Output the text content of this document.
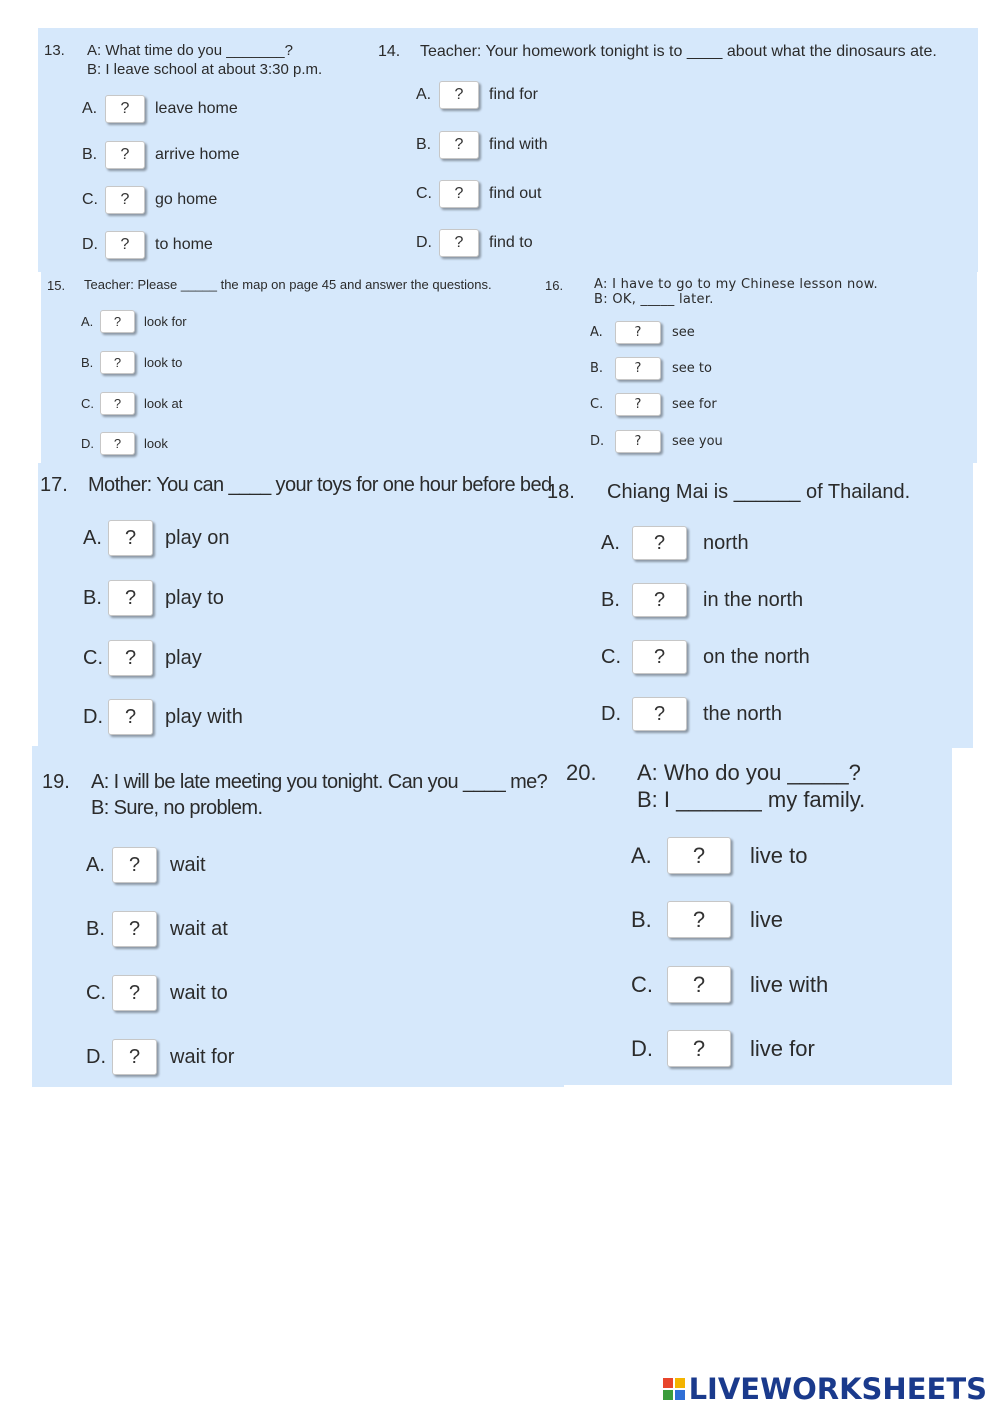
13. A: What time do you _______?
B: I leave school at about 3:30 p.m.
A.	?	leave home
B.	?	arrive home
C.	?	go home
D.	?	to home
14. Teacher: Your homework tonight is to ____ about what the dinosaurs ate.
A.	?	find for
B.	?	find with
C.	?	find out
D.	?	find to
15. Teacher: Please _____ the map on page 45 and answer the questions.
A.	?	look for
B.	?	look to
C.	?	look at
D.	?	look
16. A: I have to go to my Chinese lesson now.
B: OK, _____ later.
A.	?	see
B.	?	see to
C.	?	see for
D.	?	see you
17. Mother: You can ____ your toys for one hour before bed
A.	?	play on
B.	?	play to
C.	?	play
D.	?	play with
18. Chiang Mai is ______ of Thailand.
A.	?	north
B.	?	in the north
C.	?	on the north
D.	?	the north
19. A: I will be late meeting you tonight. Can you ____ me?
B: Sure, no problem.
A.	?	wait
B.	?	wait at
C.	?	wait to
D.	?	wait for
20. A: Who do you _____?
B: I _______ my family.
A.	?	live to
B.	?	live
C.	?	live with
D.	?	live for
LIVEWORKSHEETS
